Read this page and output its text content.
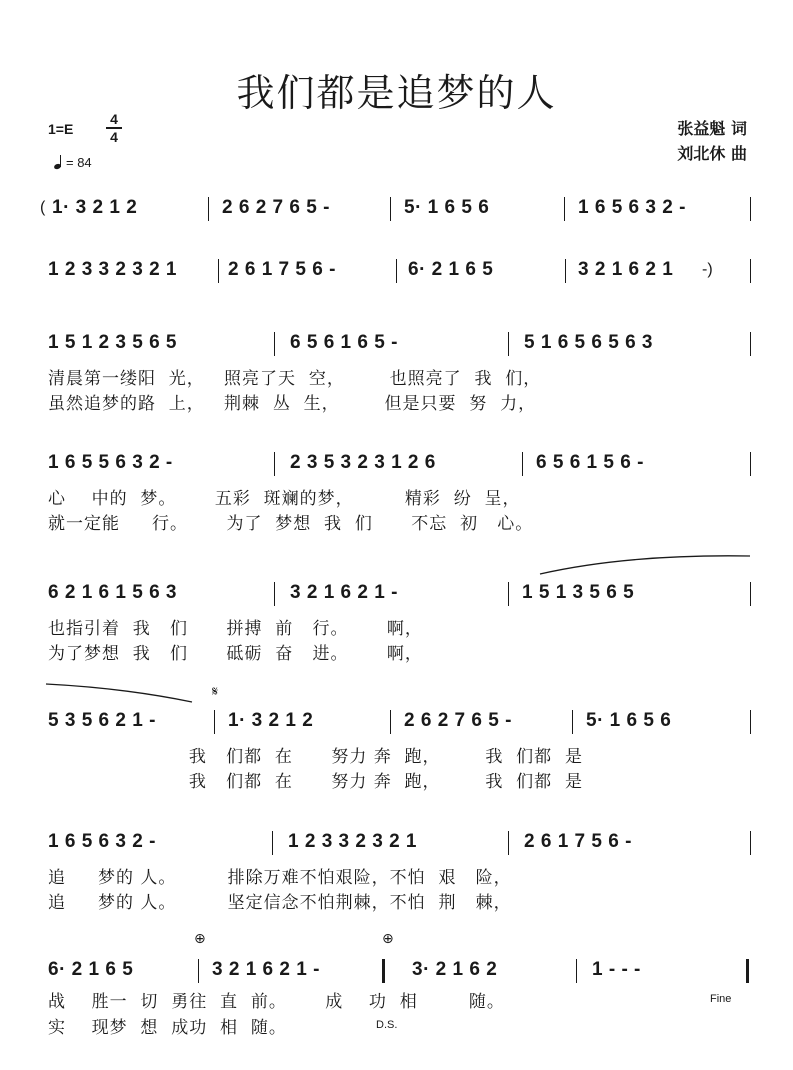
我们都是追梦的人
张益魁 词
刘北休 曲
1=E
4
4
= 84
( 1· 3 2 1 2	2 6 2 7 6 5 -	5· 1 6 5 6	1 6 5 6 3 2 -
1 2 3 3 2 3 2 1	2 6 1 7 5 6 -	6· 2 1 6 5	3 2 1 6 2 1 -)
1 5 1 2 3 5 6 5	6 5 6 1 6 5 -	5 1 6 5 6 5 6 3
清晨第一缕阳  光，   照亮了天  空，       也照亮了  我  们，
虽然追梦的路  上，   荆棘  丛  生，       但是只要  努  力，
1 6 5 5 6 3 2 -	2 3 5 3 2 3 1 2 6	6 5 6 1 5 6 -
心    中的  梦。      五彩  斑斓的梦，        精彩  纷  呈，
就一定能     行。      为了  梦想  我  们      不忘  初   心。
6 2 1 6 1 5 6 3	3 2 1 6 2 1 -	1 5 1 3 5 6 5
也指引着  我   们      拼搏  前   行。      啊，
为了梦想  我   们      砥砺  奋   进。      啊，
𝄋
5 3 5 6 2 1 -	1· 3 2 1 2	2 6 2 7 6 5 -	5· 1 6 5 6
我   们都  在      努力 奔  跑，       我  们都  是
我   们都  在      努力 奔  跑，       我  们都  是
1 6 5 6 3 2 -	1 2 3 3 2 3 2 1	2 6 1 7 5 6 -
追     梦的 人。        排除万难不怕艰险，不怕  艰   险，
追     梦的 人。        坚定信念不怕荆棘，不怕  荆   棘，
⊕	⊕
6· 2 1 6 5	3 2 1 6 2 1 -	3· 2 1 6 2	1 - - -
战    胜一  切  勇往  直  前。      成    功  相        随。
实    现梦  想  成功  相  随。
Fine
D.S.
